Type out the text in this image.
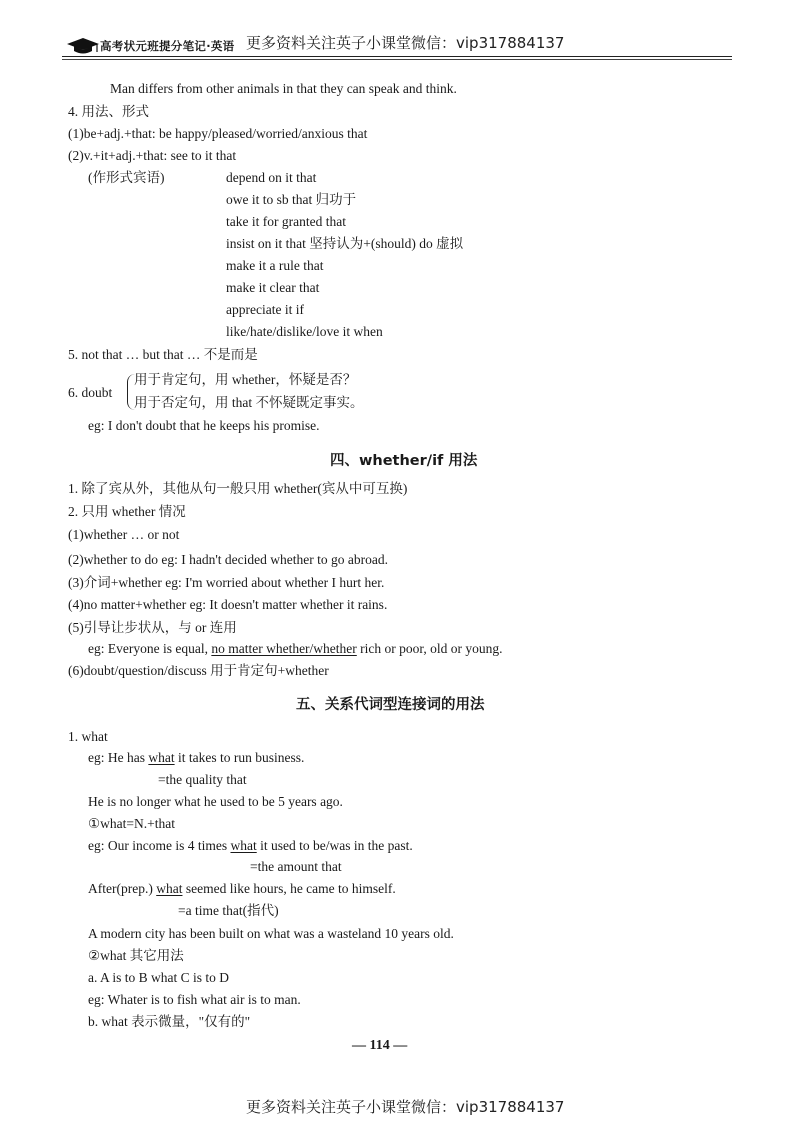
高考状元班提分笔记·英语 更多资料关注英子小课堂微信：vip317884137
Man differs from other animals in that they can speak and think.
4. 用法、形式
(1)be+adj.+that: be happy/pleased/worried/anxious that
(2)v.+it+adj.+that: see to it that
(作形式宾语)	depend on it that
owe it to sb that 归功于
take it for granted that
insist on it that 坚持认为+(should) do 虚拟
make it a rule that
make it clear that
appreciate it if
like/hate/dislike/love it when
5. not that … but that … 不是而是
6. doubt
用于肯定句，用 whether，怀疑是否？
用于否定句，用 that 不怀疑既定事实。
eg: I don't doubt that he keeps his promise.
四、whether/if 用法
1. 除了宾从外，其他从句一般只用 whether(宾从中可互换)
2. 只用 whether 情况
(1)whether … or not
(2)whether to do eg: I hadn't decided whether to go abroad.
(3)介词+whether eg: I'm worried about whether I hurt her.
(4)no matter+whether eg: It doesn't matter whether it rains.
(5)引导让步状从，与 or 连用
eg: Everyone is equal, no matter whether/whether rich or poor, old or young.
(6)doubt/question/discuss 用于肯定句+whether
五、关系代词型连接词的用法
1. what
eg: He has what it takes to run business.
=the quality that
He is no longer what he used to be 5 years ago.
①what=N.+that
eg: Our income is 4 times what it used to be/was in the past.
=the amount that
After(prep.) what seemed like hours, he came to himself.
=a time that(指代)
A modern city has been built on what was a wasteland 10 years old.
②what 其它用法
a. A is to B what C is to D
eg: Whater is to fish what air is to man.
b. what 表示微量，"仅有的"
— 114 —
更多资料关注英子小课堂微信：vip317884137
